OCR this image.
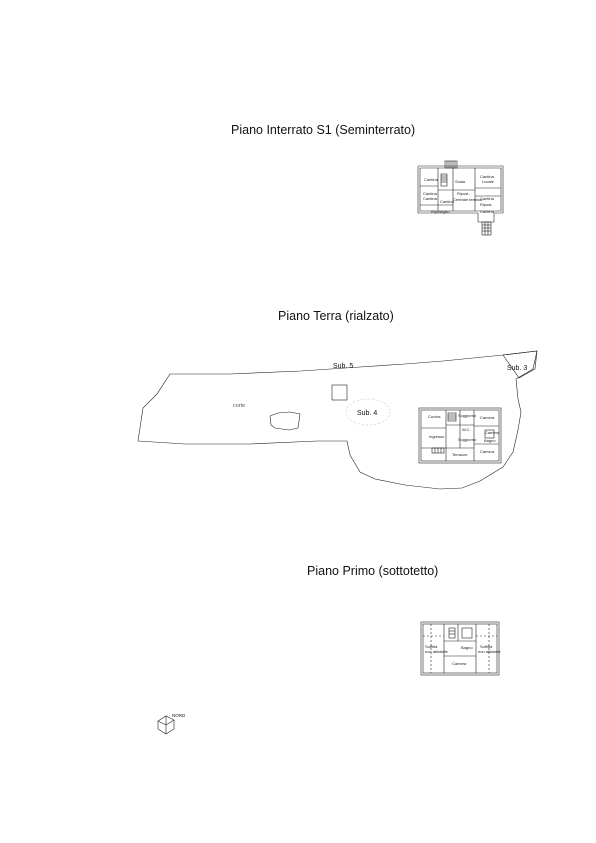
Piano Interrato S1 (Seminterrato)
Piano Terra (rialzato)
Piano Primo (sottotetto)
Sub. 5
Sub. 4
Sub. 3
corte
Cantina	Scala
Cantina
Locale
Cantina
Cantina
Ripost.
Centrale termica
Cantina
Cantina
Ripost.
Cantina
Ripostiglio
Cucina	Soggiorno Camera
W.C.
Camera
Ingresso
Bagno
Soggiorno
Terrazzo
Camera
Soffitta
non abitabile
Bagno
Camera
Soffitta
non abitabile
NORD
